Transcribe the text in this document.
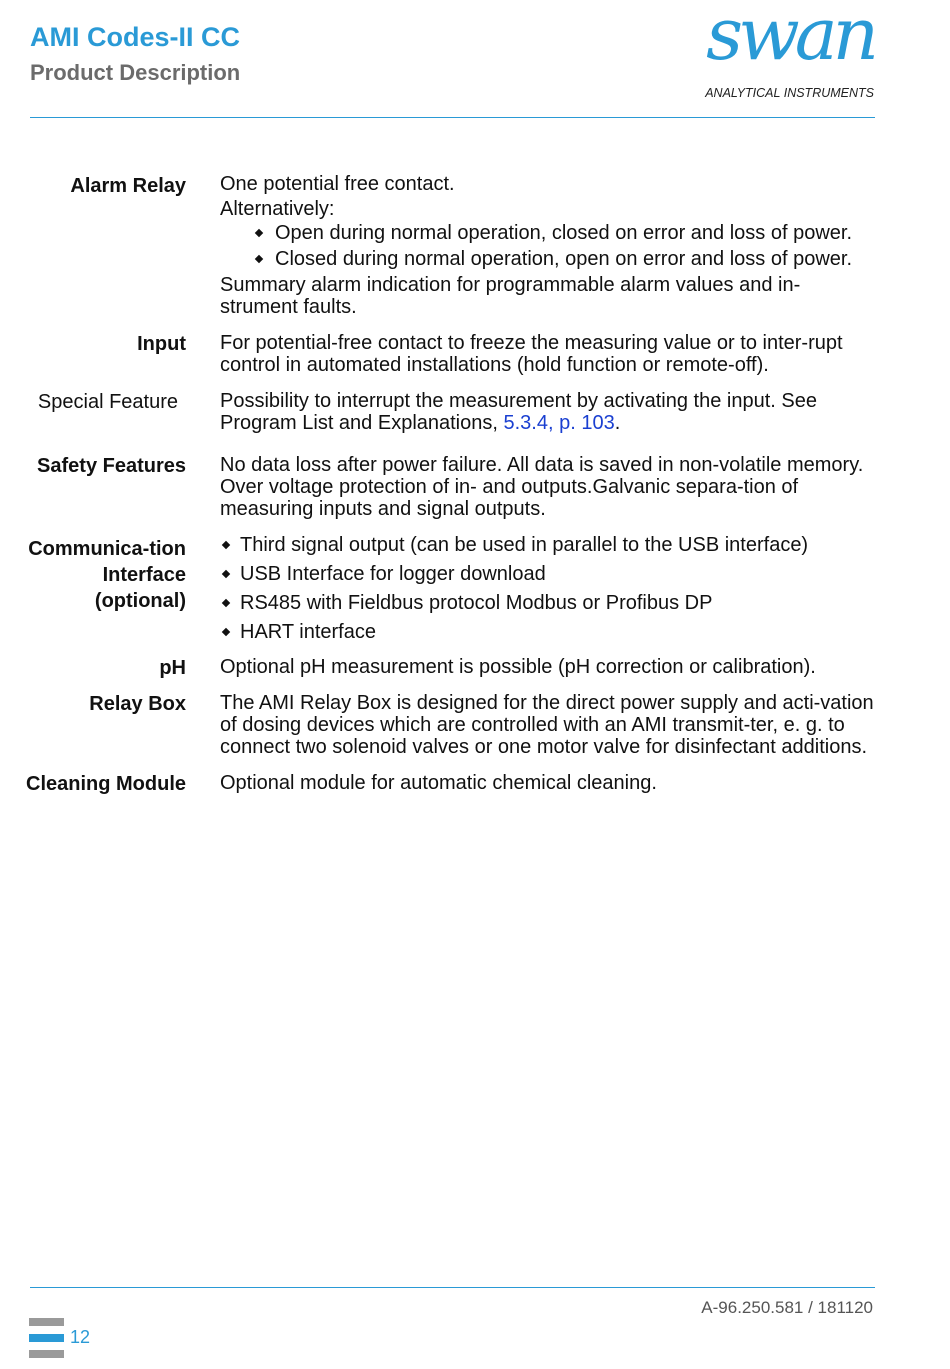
AMI Codes-II CC
Product Description	swan
ANALYTICAL INSTRUMENTS
Alarm Relay One potential free contact.

Alternatively:

Open during normal operation, closed on error and loss of power.
Closed during normal operation, open on error and loss of power.

Summary alarm indication for programmable alarm values and in-strument faults.

Input For potential-free contact to freeze the measuring value or to inter-rupt control in automated installations (hold function or remote-off).

Special Feature Possibility to interrupt the measurement by activating the input. See Program List and Explanations, 5.3.4, p. 103.

Safety Features No data loss after power failure. All data is saved in non-volatile memory. Over voltage protection of in- and outputs.Galvanic separa-tion of measuring inputs and signal outputs.

Communica-tion Interface (optional)
Third signal output (can be used in parallel to the USB interface)
USB Interface for logger download
RS485 with Fieldbus protocol Modbus or Profibus DP
HART interface
pH Optional pH measurement is possible (pH correction or calibration).

Relay Box The AMI Relay Box is designed for the direct power supply and acti-vation of dosing devices which are controlled with an AMI transmit-ter, e. g. to connect two solenoid valves or one motor valve for disinfectant additions.

Cleaning Module Optional module for automatic chemical cleaning.

A-96.250.581 / 181120
12
